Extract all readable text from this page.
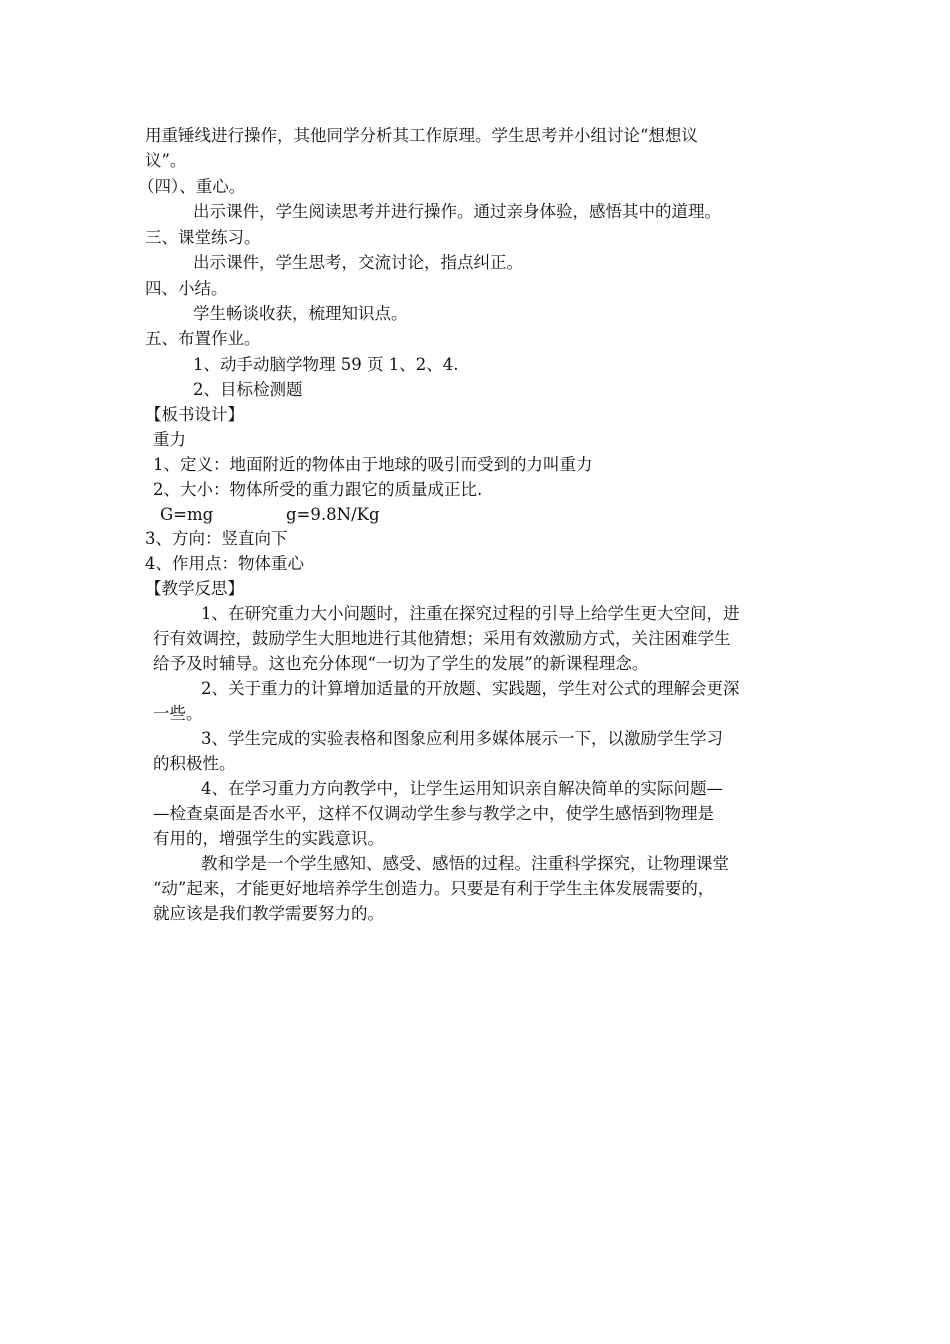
用重锤线进行操作，其他同学分析其工作原理。学生思考并小组讨论“想想议
议”。
（四）、重心。
出示课件，学生阅读思考并进行操作。通过亲身体验，感悟其中的道理。
三、课堂练习。
出示课件，学生思考，交流讨论，指点纠正。
四、小结。
学生畅谈收获，梳理知识点。
五、布置作业。
1、动手动脑学物理 59 页 1、2、4.
2、目标检测题
【板书设计】
重力
1、定义：地面附近的物体由于地球的吸引而受到的力叫重力
2、大小：物体所受的重力跟它的质量成正比.
G=mg	g=9.8N/Kg
3、方向：竖直向下
4、作用点：物体重心
【教学反思】
1、在研究重力大小问题时，注重在探究过程的引导上给学生更大空间，进
行有效调控，鼓励学生大胆地进行其他猜想；采用有效激励方式，关注困难学生
给予及时辅导。这也充分体现“一切为了学生的发展”的新课程理念。
2、关于重力的计算增加适量的开放题、实践题，学生对公式的理解会更深
一些。
3、学生完成的实验表格和图象应利用多媒体展示一下，以激励学生学习
的积极性。
4、在学习重力方向教学中，让学生运用知识亲自解决简单的实际问题—
—检查桌面是否水平，这样不仅调动学生参与教学之中，使学生感悟到物理是
有用的，增强学生的实践意识。
教和学是一个学生感知、感受、感悟的过程。注重科学探究，让物理课堂
“动”起来，才能更好地培养学生创造力。只要是有利于学生主体发展需要的，
就应该是我们教学需要努力的。
